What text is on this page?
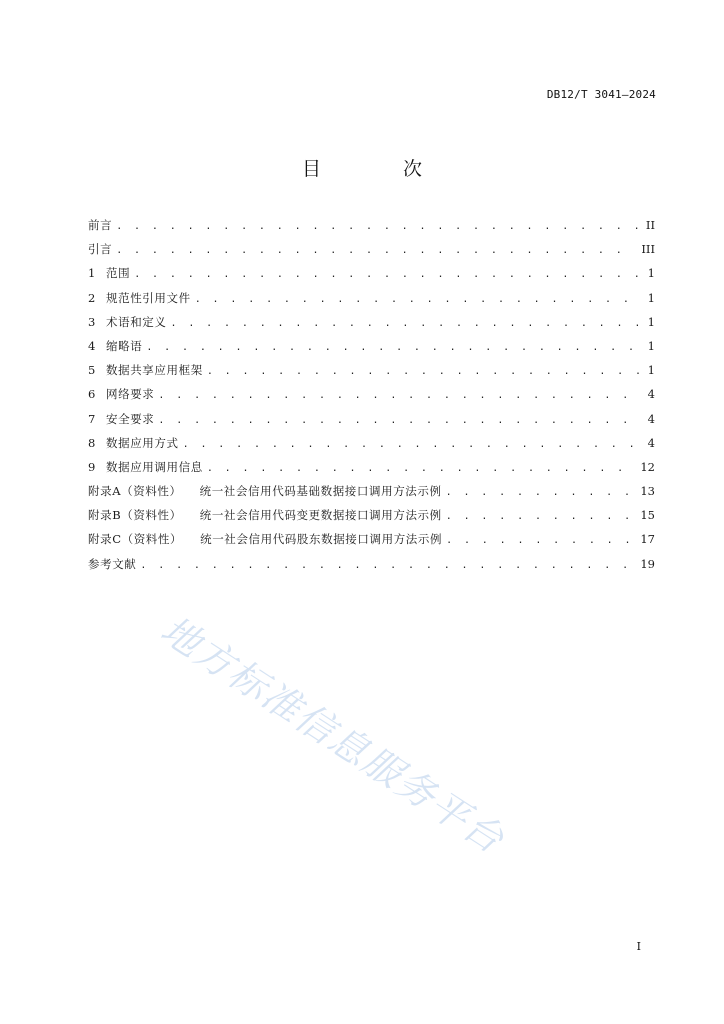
DB12/T 3041—2024
目 次
前言 . . .	II
引言 . . .	III
1 范围 . . .	1
2 规范性引用文件 . . .	1
3 术语和定义 . . .	1
4 缩略语 . . .	1
5 数据共享应用框架 . . .	1
6 网络要求 . . .	4
7 安全要求 . . .	4
8 数据应用方式 . . .	4
9 数据应用调用信息 . . .	12
附录A（资料性） 统一社会信用代码基础数据接口调用方法示例 . . .	13
附录B（资料性） 统一社会信用代码变更数据接口调用方法示例 . . .	15
附录C（资料性） 统一社会信用代码股东数据接口调用方法示例 . . .	17
参考文献 . . .	19
地方标准信息服务平台
I
